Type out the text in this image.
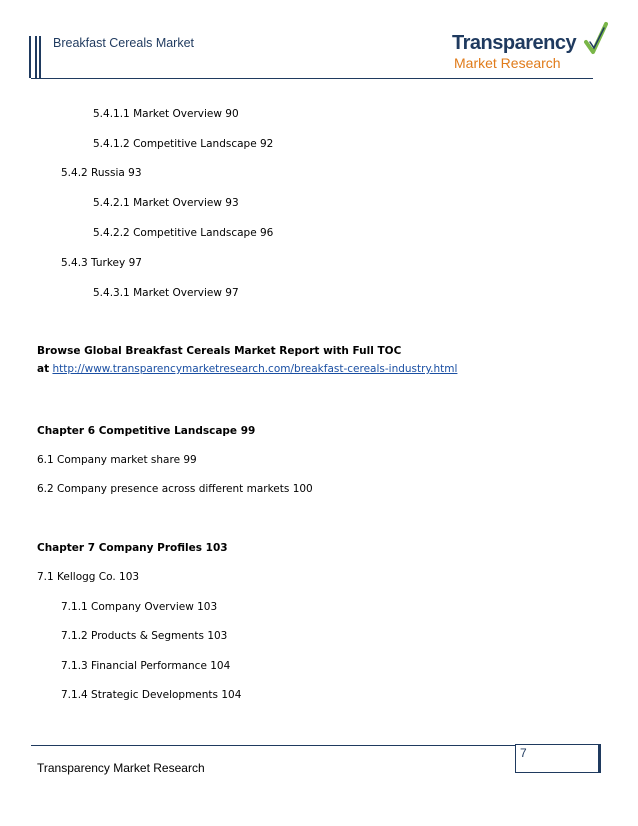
Breakfast Cereals Market	Transparency
Market Research
5.4.1.1 Market Overview 90
5.4.1.2 Competitive Landscape 92
5.4.2 Russia 93
5.4.2.1 Market Overview 93
5.4.2.2 Competitive Landscape 96
5.4.3 Turkey 97
5.4.3.1 Market Overview 97
Browse Global Breakfast Cereals Market Report with Full TOC
at http://www.transparencymarketresearch.com/breakfast-cereals-industry.html
Chapter 6 Competitive Landscape 99
6.1 Company market share 99
6.2 Company presence across different markets 100
Chapter 7 Company Profiles 103
7.1 Kellogg Co. 103
7.1.1 Company Overview 103
7.1.2 Products & Segments 103
7.1.3 Financial Performance 104
7.1.4 Strategic Developments 104
7
Transparency Market Research
